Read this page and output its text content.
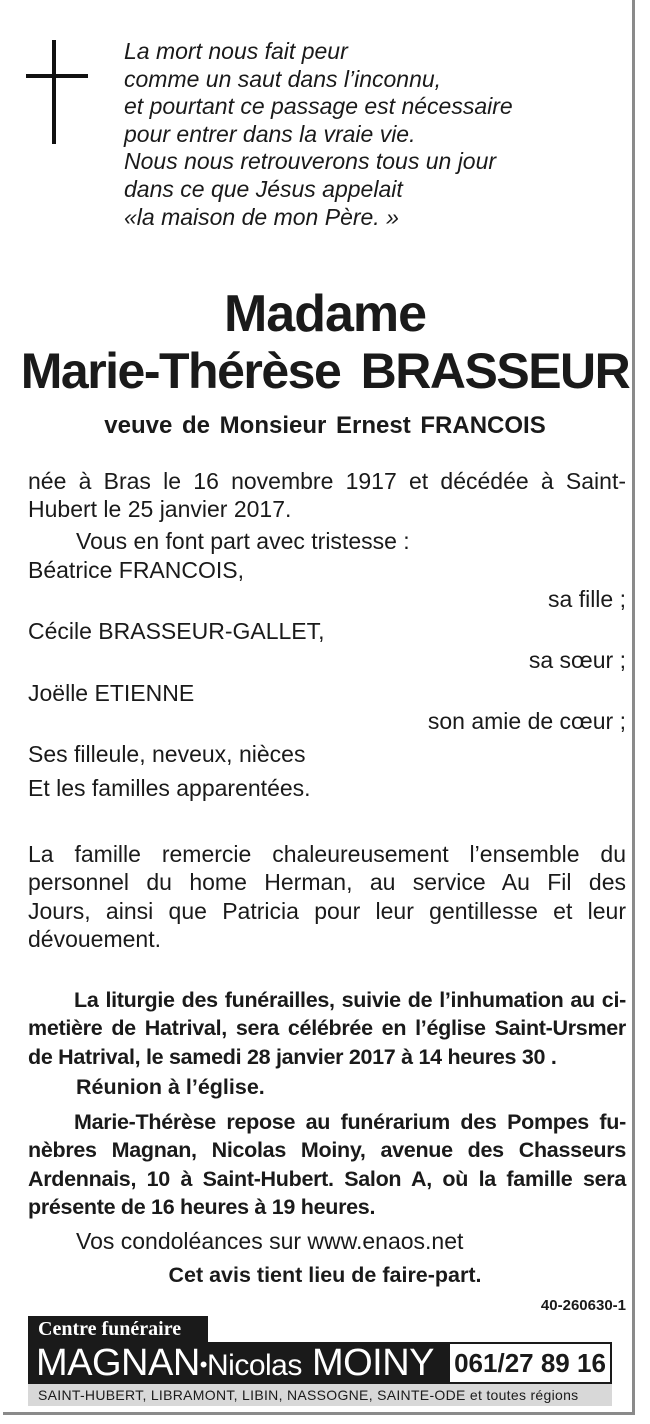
La mort nous fait peur
comme un saut dans l’inconnu,
et pourtant ce passage est nécessaire
pour entrer dans la vraie vie.
Nous nous retrouverons tous un jour
dans ce que Jésus appelait
«la maison de mon Père. »
Madame
Marie-Thérèse BRASSEUR
veuve de Monsieur Ernest FRANCOIS
née à Bras le 16 novembre 1917 et décédée à Saint-
Hubert le 25 janvier 2017.
Vous en font part avec tristesse :
Béatrice FRANCOIS,
sa fille ;
Cécile BRASSEUR-GALLET,
sa sœur ;
Joëlle ETIENNE
son amie de cœur ;
Ses filleule, neveux, nièces
Et les familles apparentées.
La famille remercie chaleureusement l’ensemble du
personnel du home Herman, au service Au Fil des
Jours, ainsi que Patricia pour leur gentillesse et leur
dévouement.
La liturgie des funérailles, suivie de l’inhumation au ci-
metière de Hatrival, sera célébrée en l’église Saint-Ursmer
de Hatrival, le samedi 28 janvier 2017 à 14 heures 30 .
Réunion à l’église.
Marie-Thérèse repose au funérarium des Pompes fu-
nèbres Magnan, Nicolas Moiny, avenue des Chasseurs
Ardennais, 10 à Saint-Hubert. Salon A, où la famille sera
présente de 16 heures à 19 heures.
Vos condoléances sur www.enaos.net
Cet avis tient lieu de faire-part.
40-260630-1
Centre funéraire
MAGNAN•Nicolas MOINY 061/27 89 16
SAINT-HUBERT, LIBRAMONT, LIBIN, NASSOGNE, SAINTE-ODE et toutes régions
